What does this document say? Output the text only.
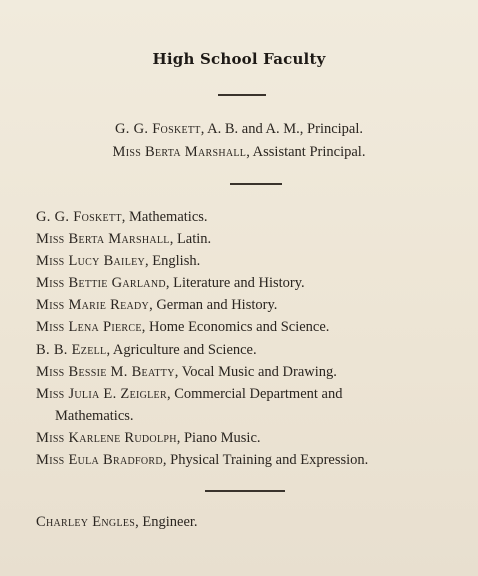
High School Faculty
G. G. Foskett, A. B. and A. M., Principal.
Miss Berta Marshall, Assistant Principal.
G. G. Foskett, Mathematics.
Miss Berta Marshall, Latin.
Miss Lucy Bailey, English.
Miss Bettie Garland, Literature and History.
Miss Marie Ready, German and History.
Miss Lena Pierce, Home Economics and Science.
B. B. Ezell, Agriculture and Science.
Miss Bessie M. Beatty, Vocal Music and Drawing.
Miss Julia E. Zeigler, Commercial Department and
Mathematics.
Miss Karlene Rudolph, Piano Music.
Miss Eula Bradford, Physical Training and Expression.
Charley Engles, Engineer.
